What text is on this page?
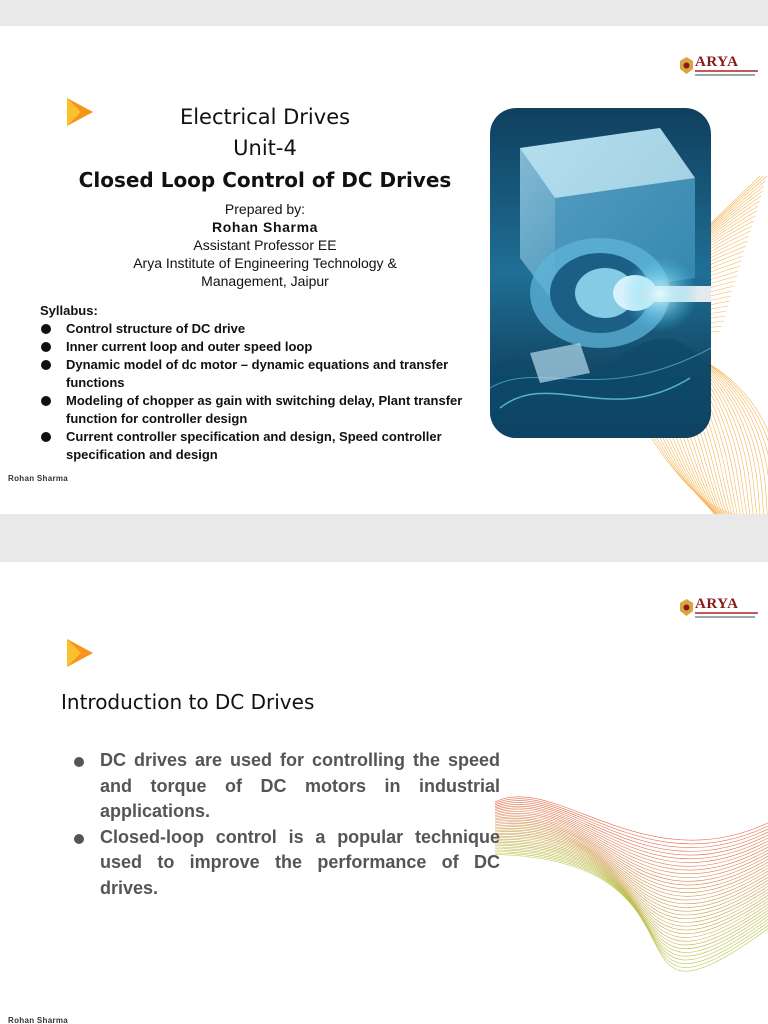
ARYA
Electrical Drives
Unit-4
Closed Loop Control of DC Drives
Prepared by:
Rohan Sharma
Assistant Professor EE
Arya Institute of Engineering Technology &
Management, Jaipur
Syllabus:
Control structure of DC drive
Inner current loop and outer speed loop
Dynamic model of dc motor – dynamic equations and transfer functions
Modeling of chopper as gain with switching delay, Plant transfer function for controller design
Current controller specification and design, Speed controller specification and design
Rohan Sharma
ARYA
Introduction to DC Drives
DC drives are used for controlling the speed and torque of DC motors in industrial applications.
Closed-loop control is a popular technique used to improve the performance of DC drives.
Rohan Sharma
